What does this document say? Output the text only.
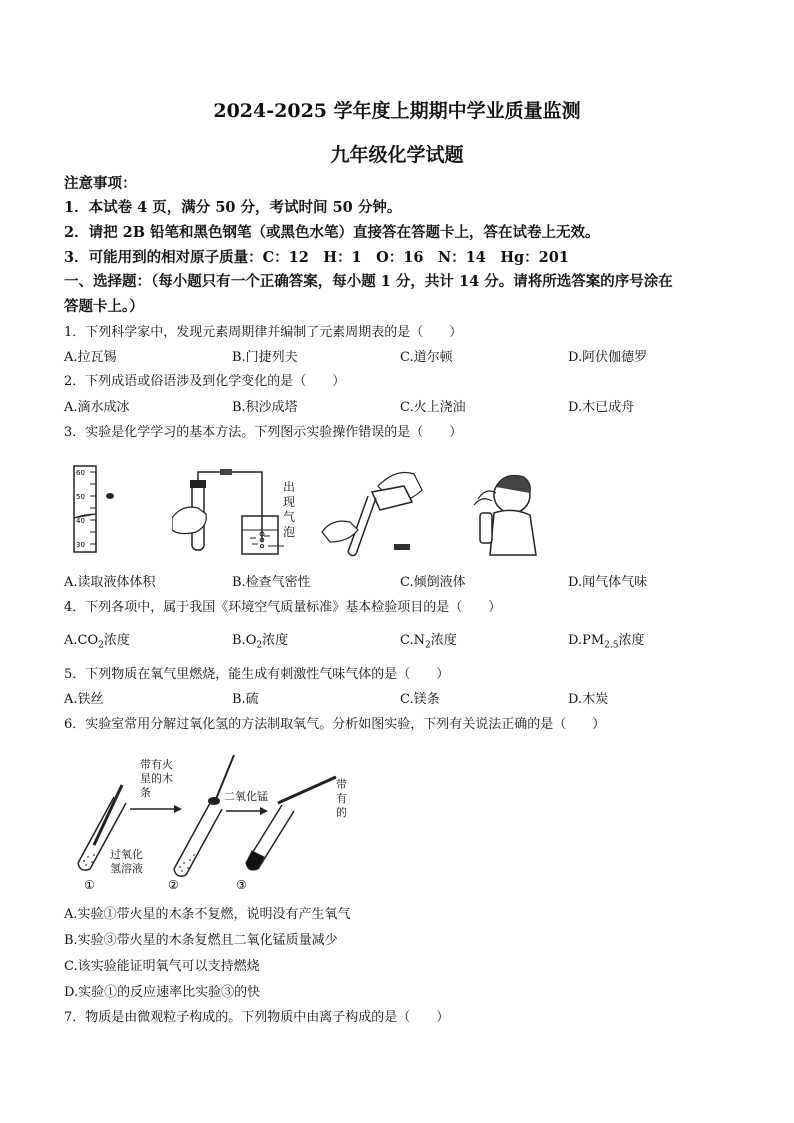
2024-2025 学年度上期期中学业质量监测
九年级化学试题
注意事项：
1．本试卷 4 页，满分 50 分，考试时间 50 分钟。
2．请把 2B 铅笔和黑色钢笔（或黑色水笔）直接答在答题卡上，答在试卷上无效。
3．可能用到的相对原子质量：C：12　H：1　O：16　N：14　Hg：201
一、选择题：（每小题只有一个正确答案，每小题 1 分，共计 14 分。请将所选答案的序号涂在
答题卡上。）
1．下列科学家中，发现元素周期律并编制了元素周期表的是（　　）
A.拉瓦锡	B.门捷列夫	C.道尔顿	D.阿伏伽德罗
2．下列成语或俗语涉及到化学变化的是（　　）
A.滴水成冰	B.积沙成塔	C.火上浇油	D.木已成舟
3．实验是化学学习的基本方法。下列图示实验操作错误的是（　　）
60
50
40
30
出现气泡
A.读取液体体积	B.检查气密性	C.倾倒液体	D.闻气体气味
4．下列各项中，属于我国《环境空气质量标准》基本检验项目的是（　　）
$A.CO_2$浓度	$B.O_2$浓度	$C.N_2$浓度	$D.PM_{2.5}$浓度
5．下列物质在氧气里燃烧，能生成有刺激性气味气体的是（　　）
A.铁丝	B.硫	C.镁条	D.木炭
6．实验室常用分解过氧化氢的方法制取氧气。分析如图实验，下列有关说法正确的是（　　）
①	②	③
带有火星的木条	二氧化锰
过氧化氢溶液
带有的
A.实验①带火星的木条不复燃，说明没有产生氧气
B.实验③带火星的木条复燃且二氧化锰质量减少
C.该实验能证明氧气可以支持燃烧
D.实验①的反应速率比实验③的快
7．物质是由微观粒子构成的。下列物质中由离子构成的是（　　）
